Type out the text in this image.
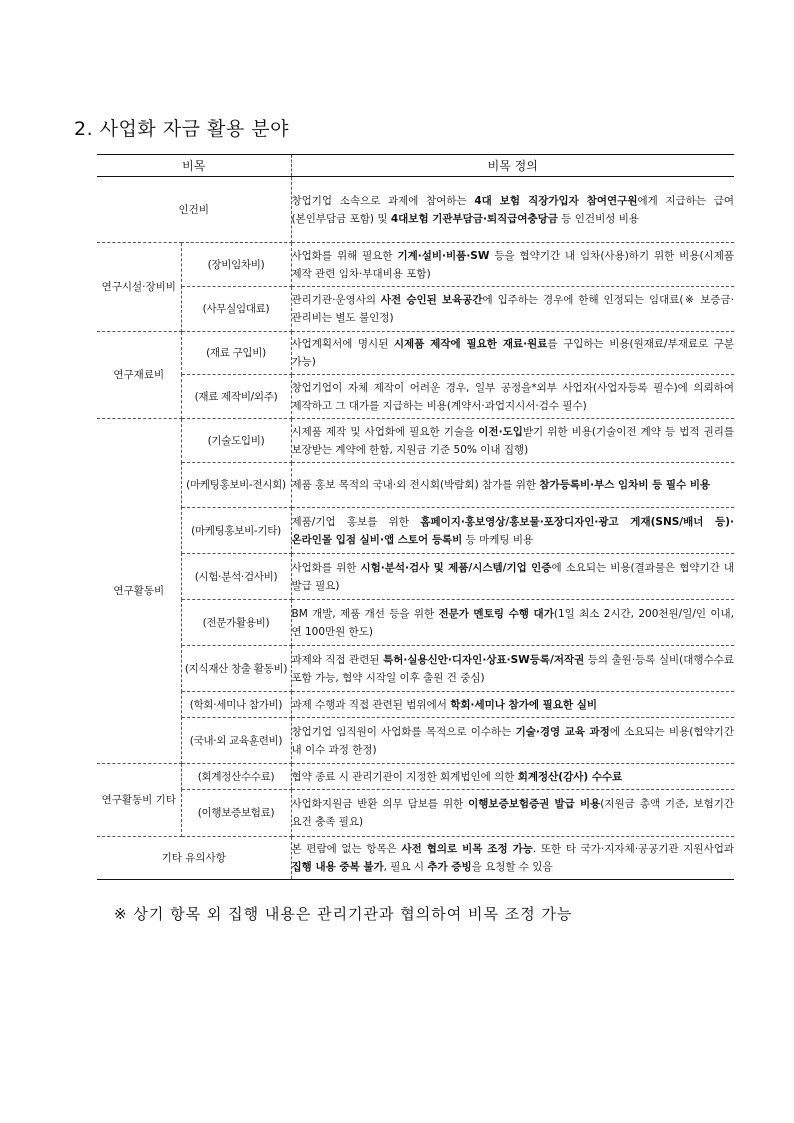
2. 사업화 자금 활용 분야
비목		비목 정의
인건비		창업기업 소속으로 과제에 참여하는 4대 보험 직장가입자 참여연구원에게 지급하는 급여(본인부담금 포함) 및 4대보험 기관부담금·퇴직급여충당금 등 인건비성 비용
연구시설·장비비	(장비임차비)	사업화를 위해 필요한 기계·설비·비품·SW 등을 협약기간 내 임차(사용)하기 위한 비용(시제품 제작 관련 임차·부대비용 포함)
	(사무실임대료)	관리기관·운영사의 사전 승인된 보육공간에 입주하는 경우에 한해 인정되는 임대료(※ 보증금·관리비는 별도 불인정)
연구재료비	(재료 구입비)	사업계획서에 명시된 시제품 제작에 필요한 재료·원료를 구입하는 비용(원재료/부재료로 구분 가능)
	(재료 제작비/외주)	창업기업이 자체 제작이 어려운 경우, 일부 공정을*외부 사업자(사업자등록 필수)에 의뢰하여 제작하고 그 대가를 지급하는 비용(계약서·과업지시서·검수 필수)
연구활동비	(기술도입비)	시제품 제작 및 사업화에 필요한 기술을 이전·도입받기 위한 비용(기술이전 계약 등 법적 권리를 보장받는 계약에 한함, 지원금 기준 50% 이내 집행)
	(마케팅홍보비-전시회)	제품 홍보 목적의 국내·외 전시회(박람회) 참가를 위한 참가등록비·부스 임차비 등 필수 비용
	(마케팅홍보비-기타)	제품/기업 홍보를 위한 홈페이지·홍보영상/홍보물·포장디자인·광고 게재(SNS/배너 등)·온라인몰 입점 실비·앱 스토어 등록비 등 마케팅 비용
	(시험·분석·검사비)	사업화를 위한 시험·분석·검사 및 제품/시스템/기업 인증에 소요되는 비용(결과물은 협약기간 내 발급 필요)
	(전문가활용비)	BM 개발, 제품 개선 등을 위한 전문가 멘토링 수행 대가(1일 최소 2시간, 200천원/일/인 이내, 연 100만원 한도)
	(지식재산 창출 활동비)	과제와 직접 관련된 특허·실용신안·디자인·상표·SW등록/저작권 등의 출원·등록 실비(대행수수료 포함 가능, 협약 시작일 이후 출원 건 중심)
	(학회·세미나 참가비)	과제 수행과 직접 관련된 범위에서 학회·세미나 참가에 필요한 실비
	(국내·외 교육훈련비)	창업기업 임직원이 사업화를 목적으로 이수하는 기술·경영 교육 과정에 소요되는 비용(협약기간 내 이수 과정 한정)
연구활동비 기타	(회계정산수수료)	협약 종료 시 관리기관이 지정한 회계법인에 의한 회계정산(감사) 수수료
	(이행보증보험료)	사업화지원금 반환 의무 담보를 위한 이행보증보험증권 발급 비용(지원금 총액 기준, 보험기간 요건 충족 필요)
기타 유의사항		본 편람에 없는 항목은 사전 협의로 비목 조정 가능. 또한 타 국가·지자체·공공기관 지원사업과 집행 내용 중복 불가, 필요 시 추가 증빙을 요청할 수 있음

※ 상기 항목 외 집행 내용은 관리기관과 협의하여 비목 조정 가능
